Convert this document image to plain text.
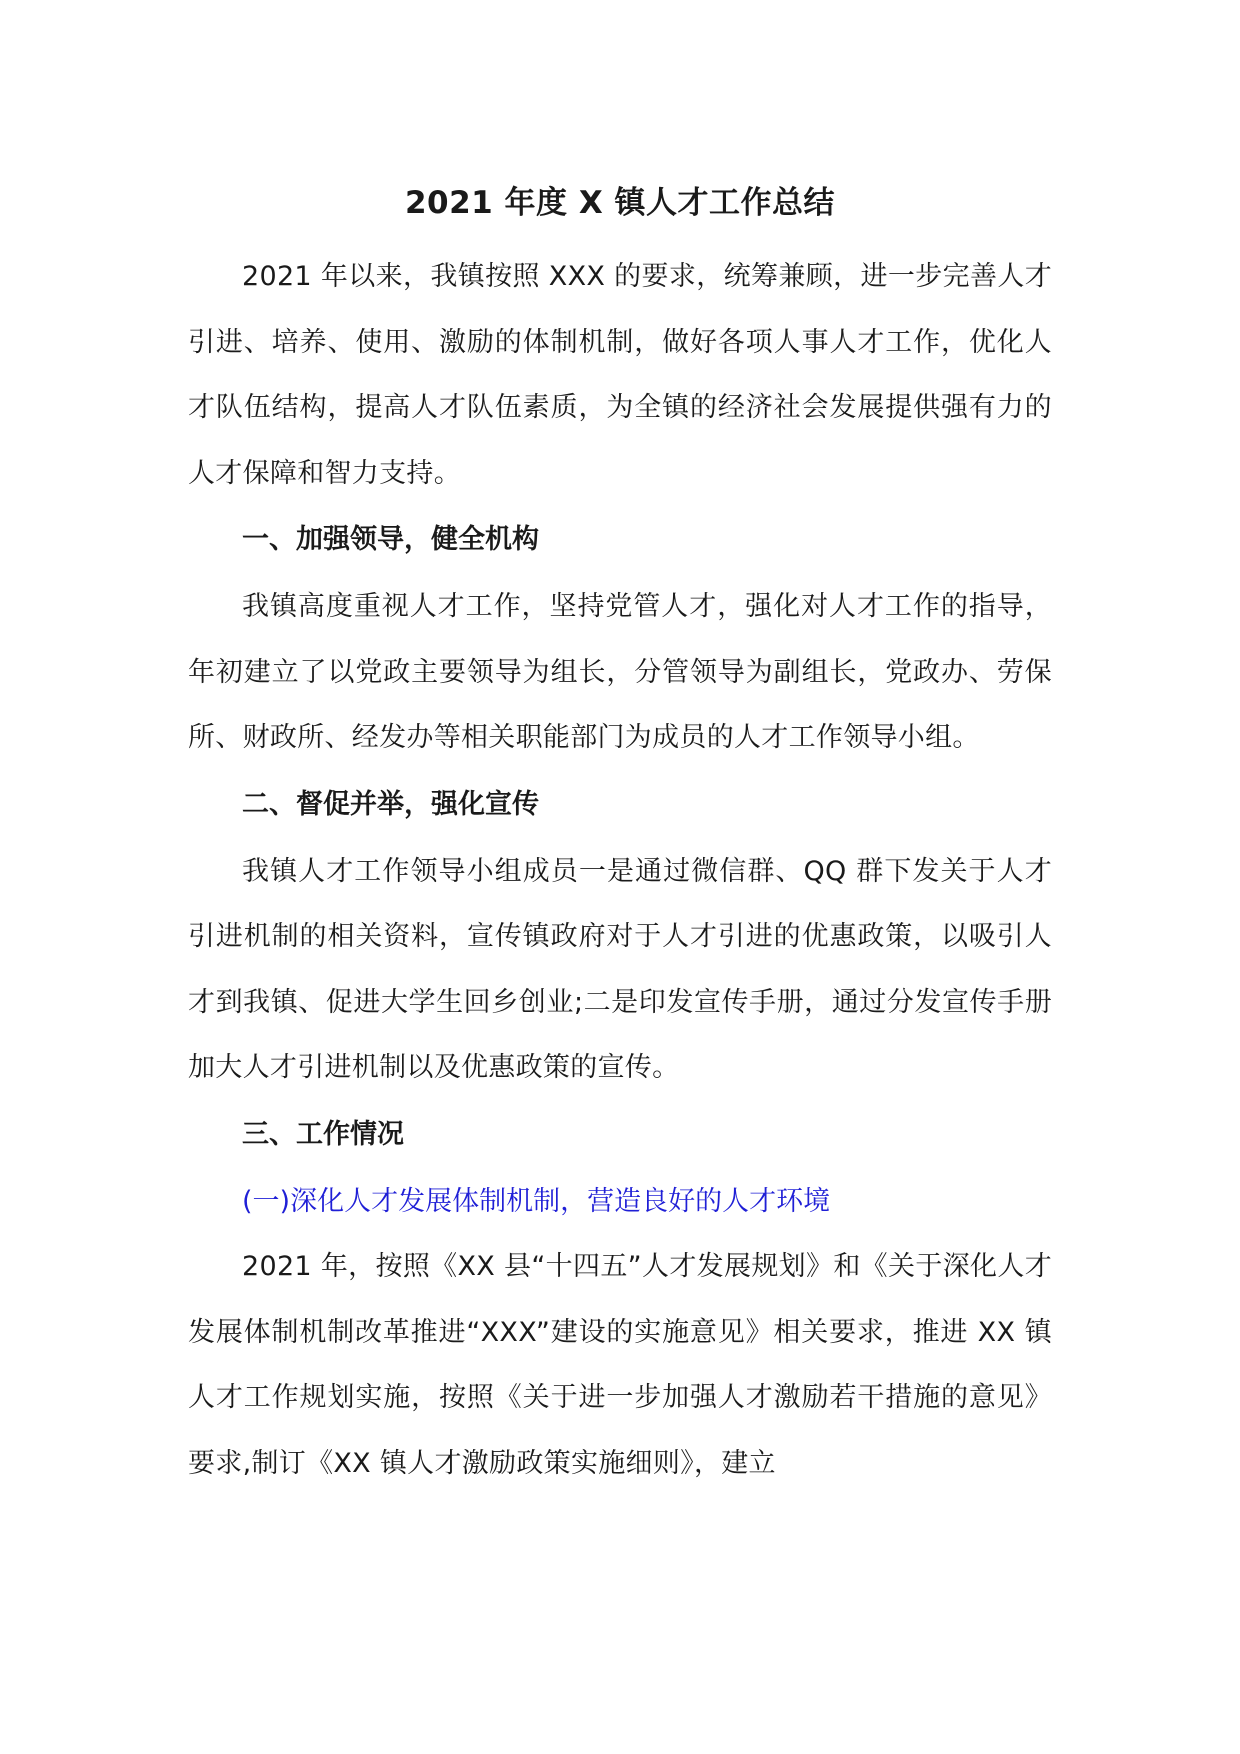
2021 年度 X 镇人才工作总结

2021 年以来，我镇按照 XXX 的要求，统筹兼顾，进一步完善人才引进、培养、使用、激励的体制机制，做好各项人事人才工作，优化人才队伍结构，提高人才队伍素质，为全镇的经济社会发展提供强有力的人才保障和智力支持。

一、加强领导，健全机构

我镇高度重视人才工作，坚持党管人才，强化对人才工作的指导，年初建立了以党政主要领导为组长，分管领导为副组长，党政办、劳保所、财政所、经发办等相关职能部门为成员的人才工作领导小组。

二、督促并举，强化宣传

我镇人才工作领导小组成员一是通过微信群、QQ 群下发关于人才引进机制的相关资料，宣传镇政府对于人才引进的优惠政策，以吸引人才到我镇、促进大学生回乡创业;二是印发宣传手册，通过分发宣传手册加大人才引进机制以及优惠政策的宣传。

三、工作情况

(一)深化人才发展体制机制，营造良好的人才环境

2021 年，按照《XX 县“十四五”人才发展规划》和《关于深化人才发展体制机制改革推进“XXX”建设的实施意见》相关要求，推进 XX 镇人才工作规划实施，按照《关于进一步加强人才激励若干措施的意见》要求,制订《XX 镇人才激励政策实施细则》，建立
